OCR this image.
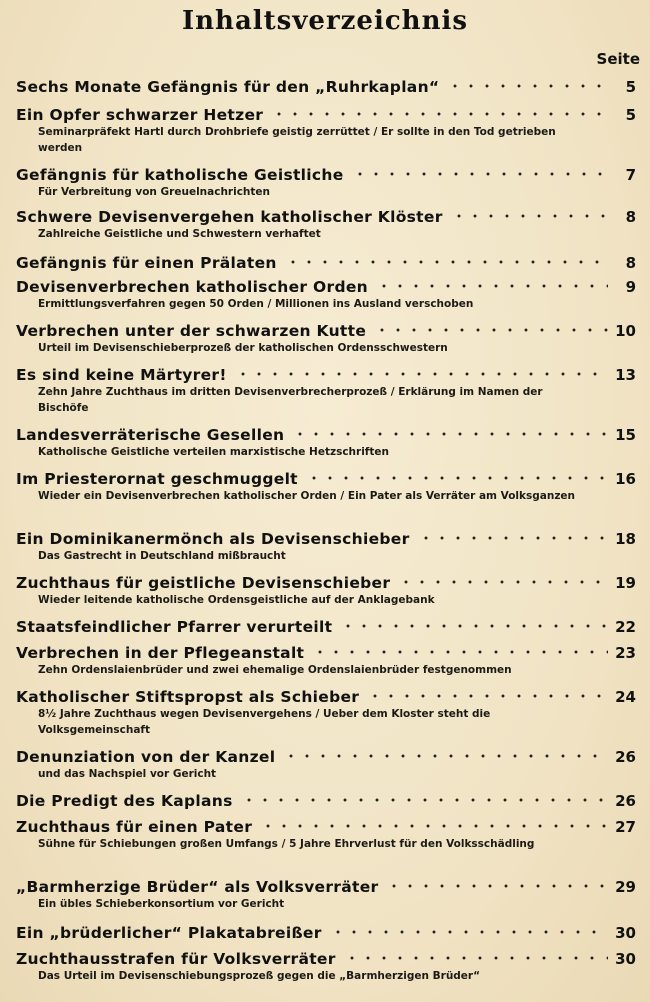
Inhaltsverzeichnis
Seite
Sechs Monate Gefängnis für den „Ruhrkaplan“	5
Ein Opfer schwarzer Hetzer	5
Seminarpräfekt Hartl durch Drohbriefe geistig zerrüttet / Er sollte in den Tod getrieben werden
Gefängnis für katholische Geistliche	7
Für Verbreitung von Greuelnachrichten
Schwere Devisenvergehen katholischer Klöster	8
Zahlreiche Geistliche und Schwestern verhaftet
Gefängnis für einen Prälaten	8
Devisenverbrechen katholischer Orden	9
Ermittlungsverfahren gegen 50 Orden / Millionen ins Ausland verschoben
Verbrechen unter der schwarzen Kutte	10
Urteil im Devisenschieberprozeß der katholischen Ordensschwestern
Es sind keine Märtyrer!	13
Zehn Jahre Zuchthaus im dritten Devisenverbrecherprozeß / Erklärung im Namen der Bischöfe
Landesverräterische Gesellen	15
Katholische Geistliche verteilen marxistische Hetzschriften
Im Priesterornat geschmuggelt	16
Wieder ein Devisenverbrechen katholischer Orden / Ein Pater als Verräter am Volksganzen
Ein Dominikanermönch als Devisenschieber	18
Das Gastrecht in Deutschland mißbraucht
Zuchthaus für geistliche Devisenschieber	19
Wieder leitende katholische Ordensgeistliche auf der Anklagebank
Staatsfeindlicher Pfarrer verurteilt	22
Verbrechen in der Pflegeanstalt	23
Zehn Ordenslaienbrüder und zwei ehemalige Ordenslaienbrüder festgenommen
Katholischer Stiftspropst als Schieber	24
8½ Jahre Zuchthaus wegen Devisenvergehens / Ueber dem Kloster steht die Volksgemeinschaft
Denunziation von der Kanzel	26
und das Nachspiel vor Gericht
Die Predigt des Kaplans	26
Zuchthaus für einen Pater	27
Sühne für Schiebungen großen Umfangs / 5 Jahre Ehrverlust für den Volksschädling
„Barmherzige Brüder“ als Volksverräter	29
Ein übles Schieberkonsortium vor Gericht
Ein „brüderlicher“ Plakatabreißer	30
Zuchthausstrafen für Volksverräter	30
Das Urteil im Devisenschiebungsprozeß gegen die „Barmherzigen Brüder“
